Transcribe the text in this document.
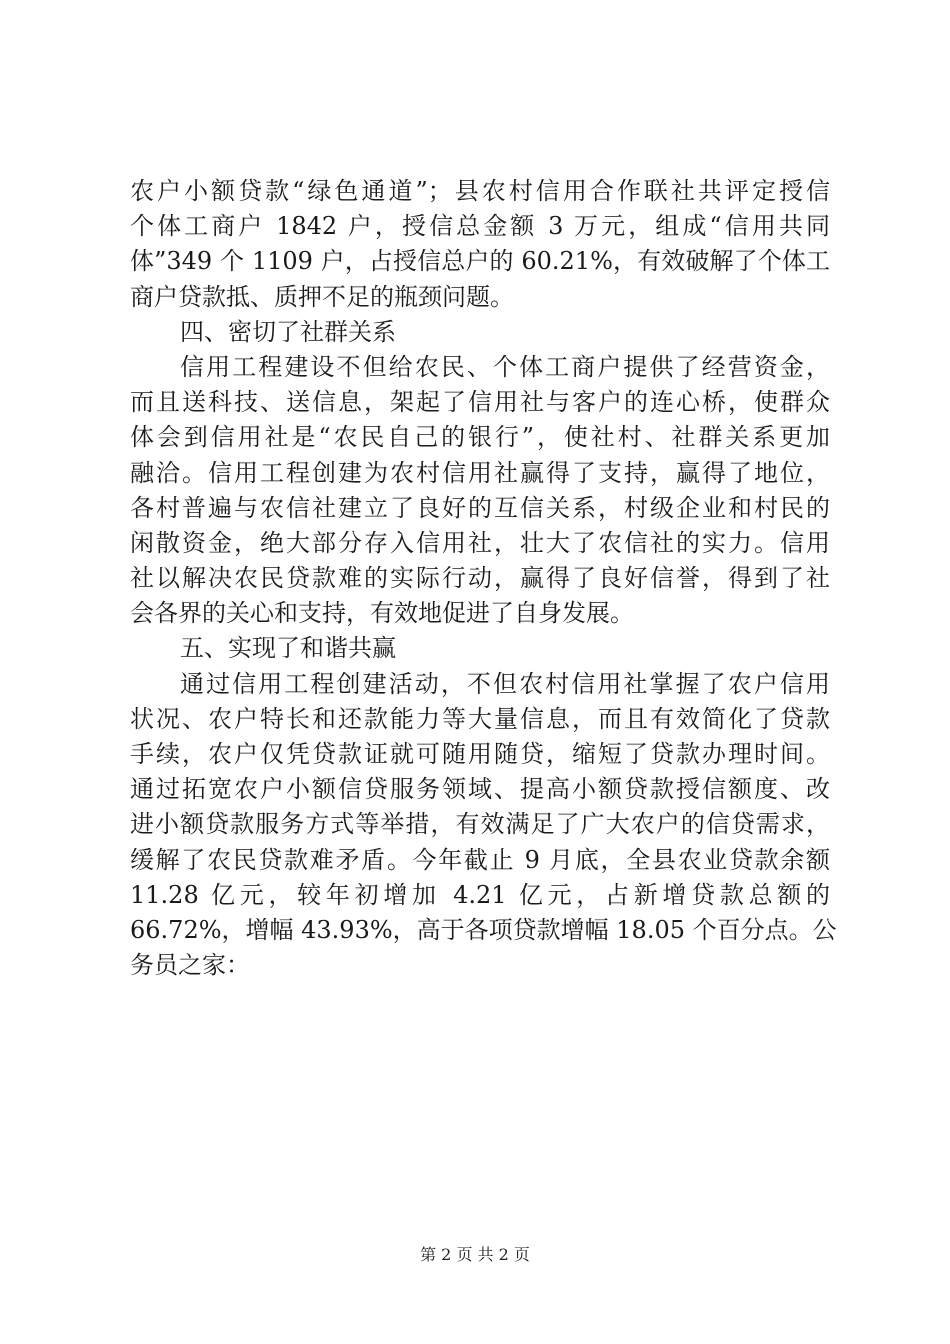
农户小额贷款“绿色通道”；县农村信用合作联社共评定授信
个体工商户 1842 户，授信总金额 3 万元，组成“信用共同
体”349 个 1109 户，占授信总户的 60.21%，有效破解了个体工
商户贷款抵、质押不足的瓶颈问题。
四、密切了社群关系
信用工程建设不但给农民、个体工商户提供了经营资金，
而且送科技、送信息，架起了信用社与客户的连心桥，使群众
体会到信用社是“农民自己的银行”，使社村、社群关系更加
融洽。信用工程创建为农村信用社赢得了支持，赢得了地位，
各村普遍与农信社建立了良好的互信关系，村级企业和村民的
闲散资金，绝大部分存入信用社，壮大了农信社的实力。信用
社以解决农民贷款难的实际行动，赢得了良好信誉，得到了社
会各界的关心和支持，有效地促进了自身发展。
五、实现了和谐共赢
通过信用工程创建活动，不但农村信用社掌握了农户信用
状况、农户特长和还款能力等大量信息，而且有效简化了贷款
手续，农户仅凭贷款证就可随用随贷，缩短了贷款办理时间。
通过拓宽农户小额信贷服务领域、提高小额贷款授信额度、改
进小额贷款服务方式等举措，有效满足了广大农户的信贷需求，
缓解了农民贷款难矛盾。今年截止 9 月底，全县农业贷款余额
11.28 亿元，较年初增加 4.21 亿元，占新增贷款总额的
66.72%，增幅 43.93%，高于各项贷款增幅 18.05 个百分点。公
务员之家：
第 2 页 共 2 页
